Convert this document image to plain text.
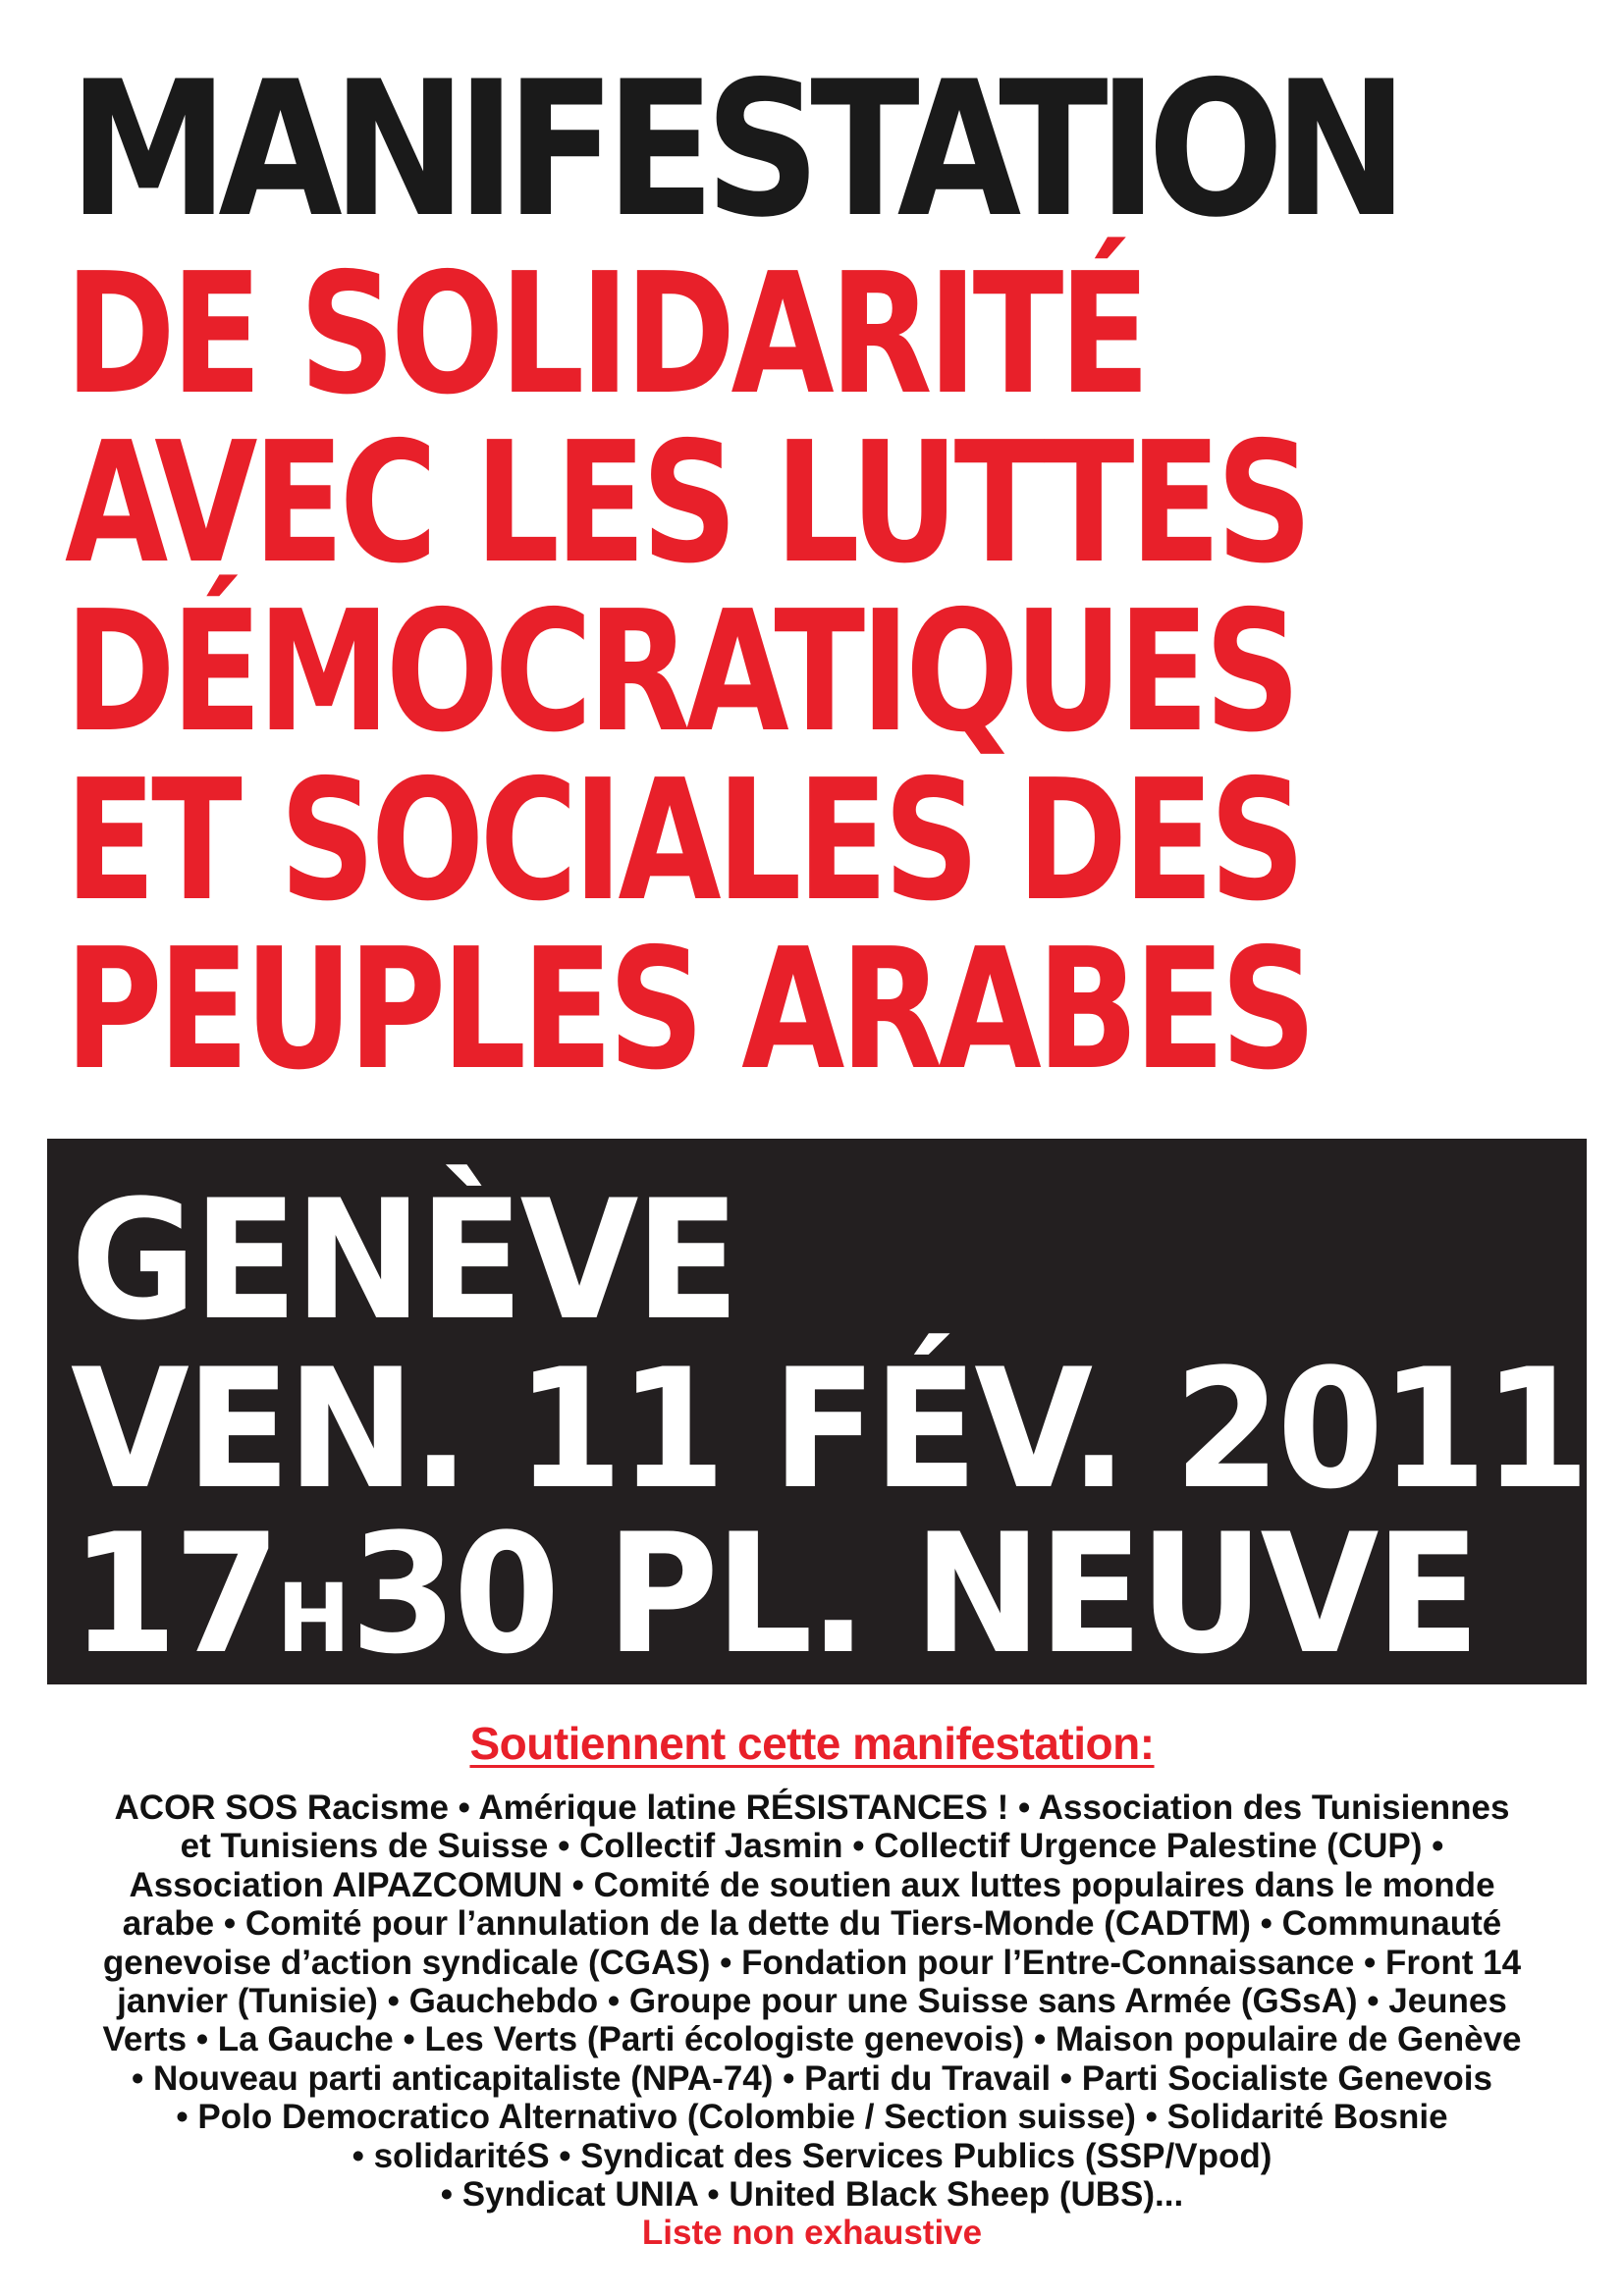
MANIFESTATION
DE SOLIDARITÉ
AVEC LES LUTTES
DÉMOCRATIQUES
ET SOCIALES DES
PEUPLES ARABES
GENÈVE
VEN. 11 FÉV. 2011
17H30 PL. NEUVE
Soutiennent cette manifestation:
ACOR SOS Racisme • Amérique latine RÉSISTANCES ! • Association des Tunisiennes
et Tunisiens de Suisse • Collectif Jasmin • Collectif Urgence Palestine (CUP) •
Association AIPAZCOMUN • Comité de soutien aux luttes populaires dans le monde
arabe • Comité pour l’annulation de la dette du Tiers-Monde (CADTM) • Communauté
genevoise d’action syndicale (CGAS) • Fondation pour l’Entre-Connaissance • Front 14
janvier (Tunisie) • Gauchebdo • Groupe pour une Suisse sans Armée (GSsA) • Jeunes
Verts • La Gauche • Les Verts (Parti écologiste genevois) • Maison populaire de Genève
• Nouveau parti anticapitaliste (NPA-74) • Parti du Travail • Parti Socialiste Genevois
• Polo Democratico Alternativo (Colombie / Section suisse) • Solidarité Bosnie
• solidaritéS • Syndicat des Services Publics (SSP/Vpod)
• Syndicat UNIA • United Black Sheep (UBS)...
Liste non exhaustive
